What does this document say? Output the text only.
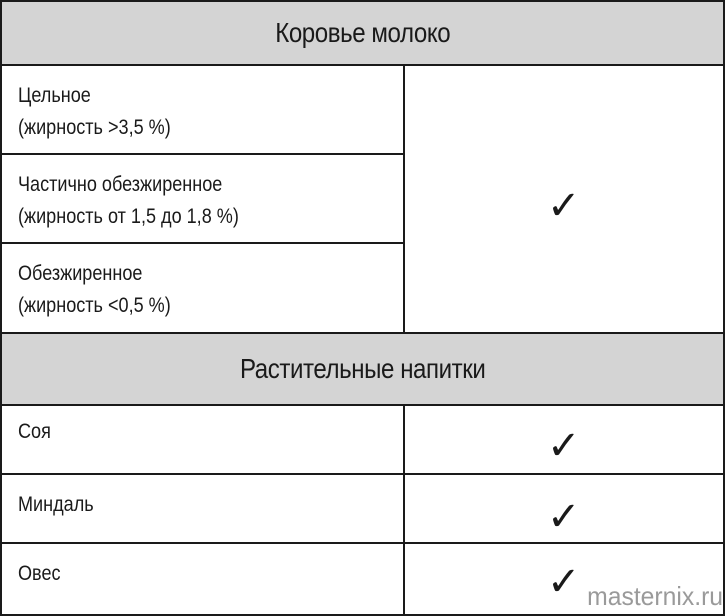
Коровье молоко
Цельное
(жирность >3,5 %)
Частично обезжиренное
(жирность от 1,5 до 1,8 %)
Обезжиренное
(жирность <0,5 %)
✓
Растительные напитки
Соя	✓
Миндаль	✓
Овес	✓ masternix.ru
